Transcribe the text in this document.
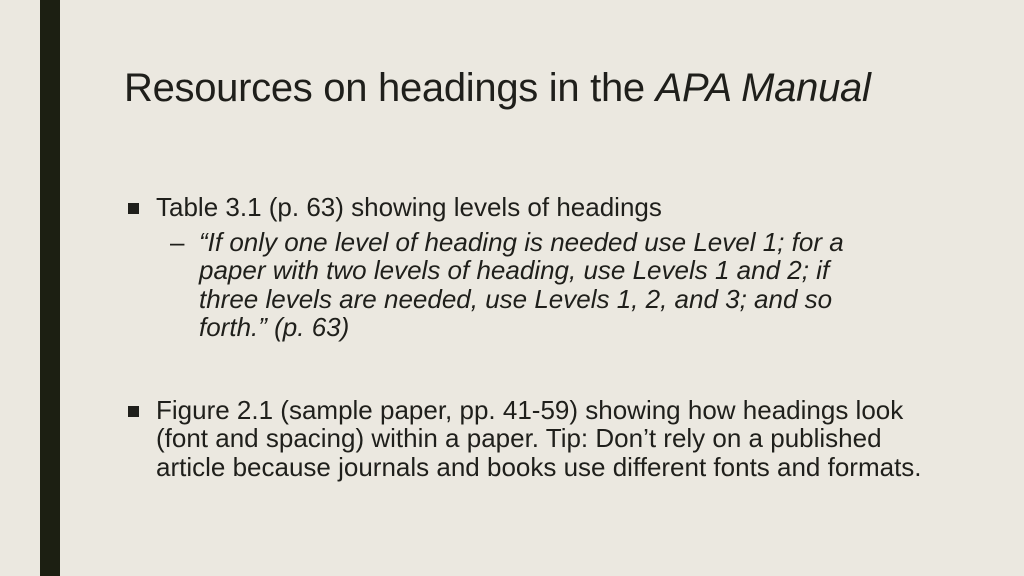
Resources on headings in the APA Manual
Table 3.1 (p. 63) showing levels of headings
– “If only one level of heading is needed use Level 1; for a paper with two levels of heading, use Levels 1 and 2; if three levels are needed, use Levels 1, 2, and 3; and so forth.” (p. 63)
Figure 2.1 (sample paper, pp. 41-59) showing how headings look (font and spacing) within a paper. Tip: Don’t rely on a published article because journals and books use different fonts and formats.
